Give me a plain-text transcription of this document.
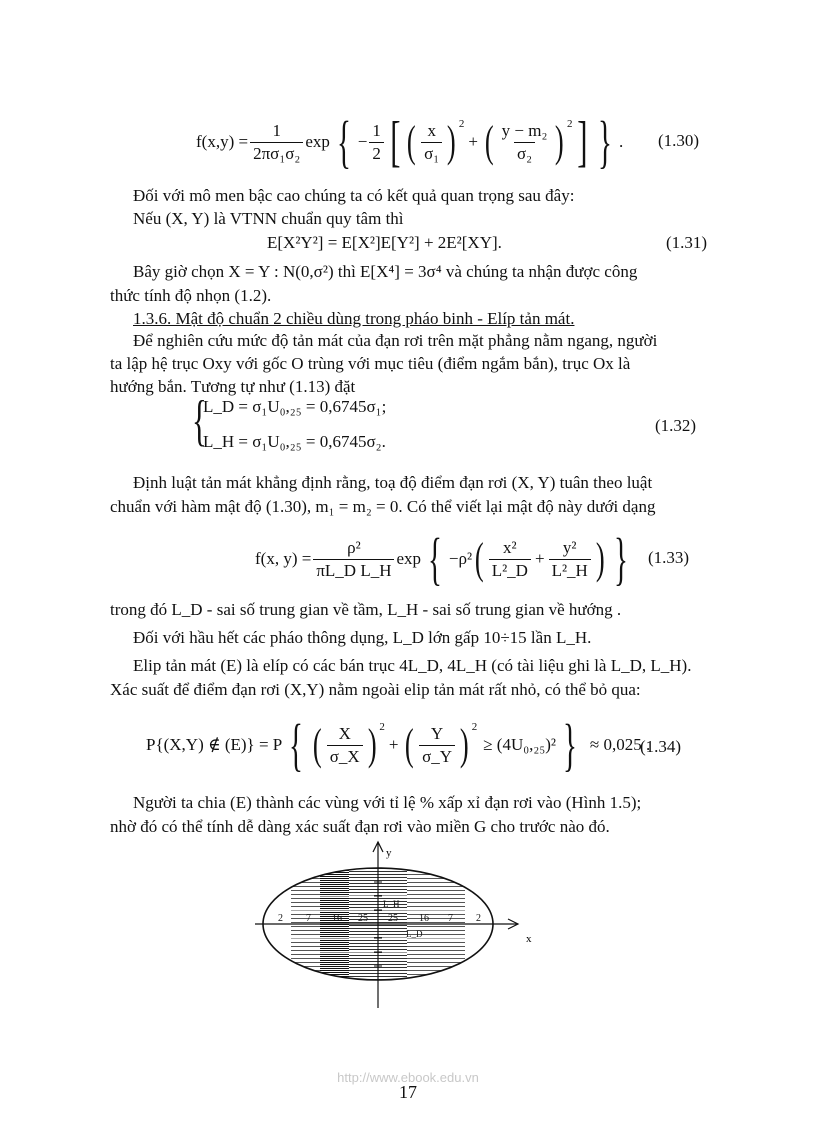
$f(x,y) = \frac{1}{\text{2πσ₁σ₂}}$ exp { − $\frac{1}{2}$ [ ( $\frac{x}{\text{σ₁}}$ ) $^2$
+ ( $\frac{\text{y − m₂}}{\text{σ₂}}$ ) $^2$ ] } . (1.30)
Đối với mô men bậc cao chúng ta có kết quả quan trọng sau đây:
Nếu (X, Y) là VTNN chuẩn quy tâm thì
E[X²Y²] = E[X²]E[Y²] + 2E²[XY].	(1.31)
Bây giờ chọn X = Y : N(0,σ²) thì E[X⁴] = 3σ⁴ và chúng ta nhận được công
thức tính độ nhọn (1.2).
1.3.6. Mật độ chuẩn 2 chiều dùng trong pháo binh - Elíp tản mát.
Để nghiên cứu mức độ tản mát của đạn rơi trên mặt phẳng nằm ngang, người
ta lập hệ trục Oxy với gốc O trùng với mục tiêu (điểm ngắm bắn), trục Ox là
hướng bắn. Tương tự như (1.13) đặt
{
L_D = σ₁U₀,₂₅ = 0,6745σ₁;
L_H = σ₁U₀,₂₅ = 0,6745σ₂.
(1.32)
Định luật tản mát khẳng định rằng, toạ độ điểm đạn rơi (X, Y) tuân theo luật
chuẩn với hàm mật độ (1.30), m₁ = m₂ = 0. Có thể viết lại mật độ này dưới dạng
f(x, $y) = \frac{\text{ρ²}}{\text{πL\_D L\_H}}$ exp { −ρ² ( $\frac{\text{x²}}{\text{L²\_D}} + \frac{\text{y²}}{\text{L²\_H}}$ ) } (1.33)
trong đó L_D - sai số trung gian về tầm, L_H - sai số trung gian về hướng .
Đối với hầu hết các pháo thông dụng, L_D lớn gấp 10÷15 lần L_H.
Elip tản mát (E) là elíp có các bán trục 4L_D, 4L_H (có tài liệu ghi là L_D, L_H).
Xác suất để điểm đạn rơi (X,Y) nằm ngoài elip tản mát rất nhỏ, có thể bỏ qua:
P{(X,Y) ∉ (E)} = P { ( $\frac{X}{\sigma\_X}$ ) $^2$
+ ( $\frac{Y}{\sigma\_Y}$ ) $^2$
≥ (4U₀,₂₅)² } ≈ 0,025 .
(1.34)
Người ta chia (E) thành các vùng với tỉ lệ % xấp xỉ đạn rơi vào (Hình 1.5);
nhờ đó có thể tính dễ dàng xác suất đạn rơi vào miền G cho trước nào đó.
y
x
2 7 16 25 25 16 7 2
L_H
L_D
http://www.ebook.edu.vn
17
